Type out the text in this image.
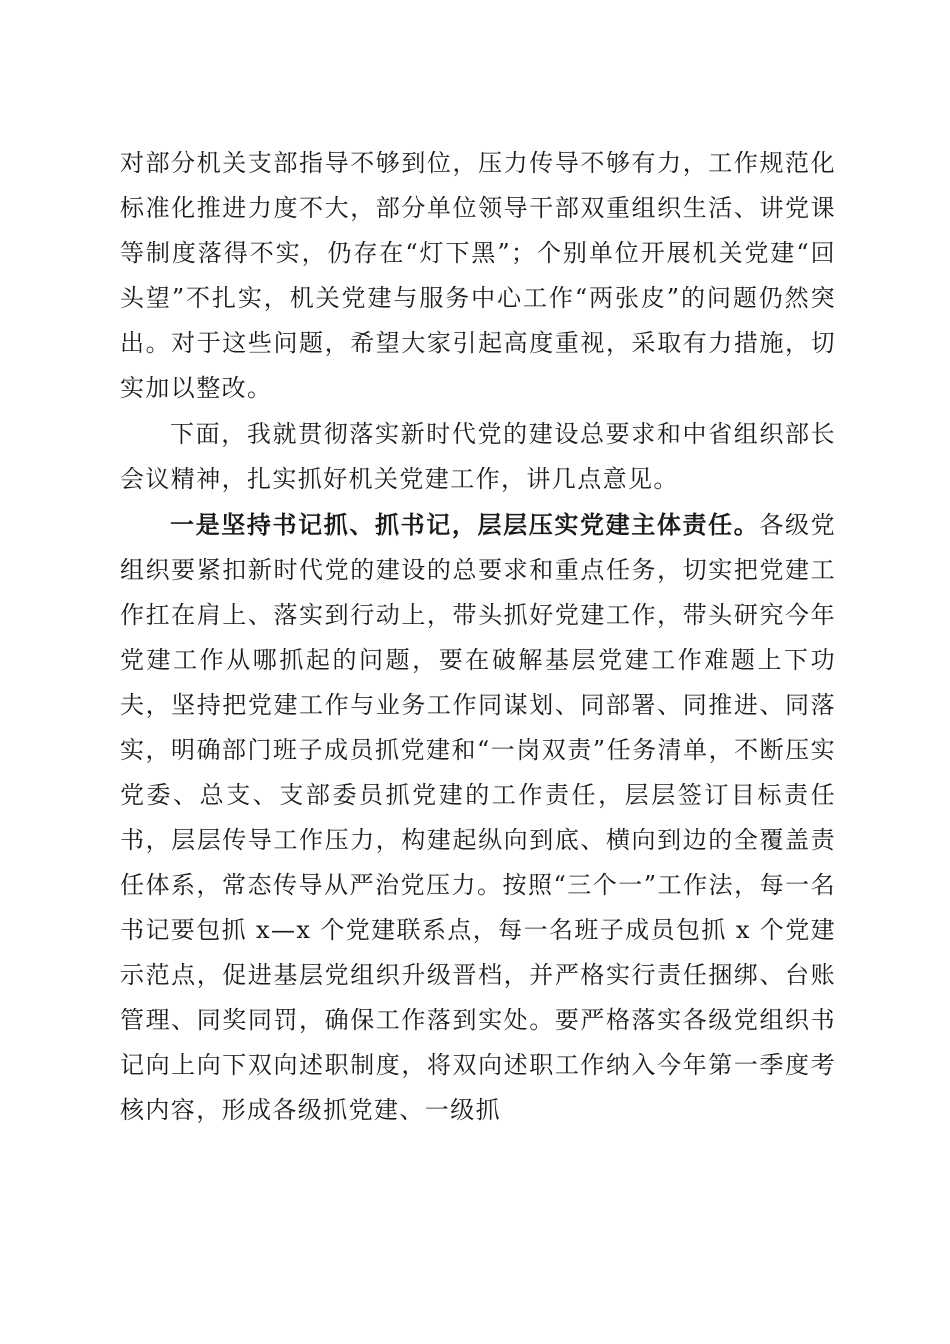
对部分机关支部指导不够到位，压力传导不够有力，工作规范化标准化推进力度不大，部分单位领导干部双重组织生活、讲党课等制度落得不实，仍存在“灯下黑”；个别单位开展机关党建“回头望”不扎实，机关党建与服务中心工作“两张皮”的问题仍然突出。对于这些问题，希望大家引起高度重视，采取有力措施，切实加以整改。

下面，我就贯彻落实新时代党的建设总要求和中省组织部长会议精神，扎实抓好机关党建工作，讲几点意见。

一是坚持书记抓、抓书记，层层压实党建主体责任。各级党组织要紧扣新时代党的建设的总要求和重点任务，切实把党建工作扛在肩上、落实到行动上，带头抓好党建工作，带头研究今年党建工作从哪抓起的问题，要在破解基层党建工作难题上下功夫，坚持把党建工作与业务工作同谋划、同部署、同推进、同落实，明确部门班子成员抓党建和“一岗双责”任务清单，不断压实党委、总支、支部委员抓党建的工作责任，层层签订目标责任书，层层传导工作压力，构建起纵向到底、横向到边的全覆盖责任体系，常态传导从严治党压力。按照“三个一”工作法，每一名书记要包抓 x—x 个党建联系点，每一名班子成员包抓 x 个党建示范点，促进基层党组织升级晋档，并严格实行责任捆绑、台账管理、同奖同罚，确保工作落到实处。要严格落实各级党组织书记向上向下双向述职制度，将双向述职工作纳入今年第一季度考核内容，形成各级抓党建、一级抓
